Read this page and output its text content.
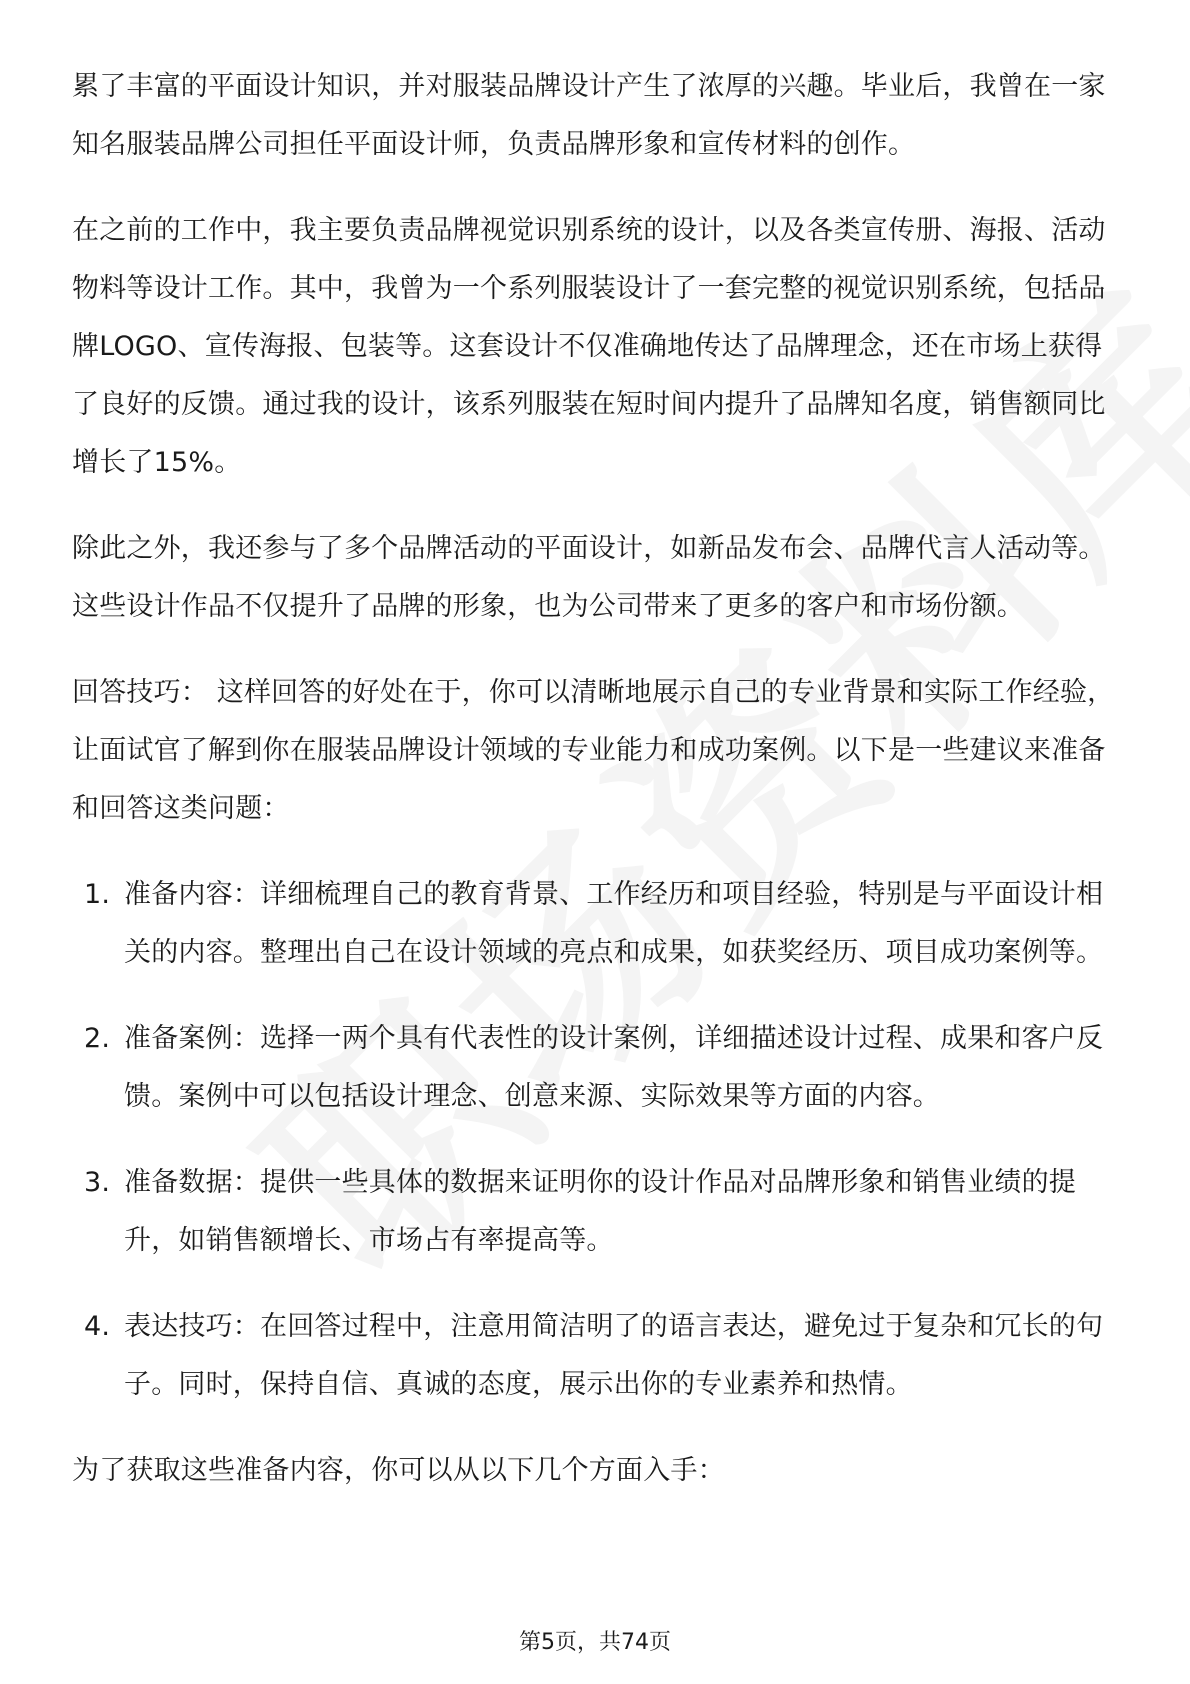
累了丰富的平面设计知识，并对服装品牌设计产生了浓厚的兴趣。毕业后，我曾在一家知名服装品牌公司担任平面设计师，负责品牌形象和宣传材料的创作。

在之前的工作中，我主要负责品牌视觉识别系统的设计，以及各类宣传册、海报、活动物料等设计工作。其中，我曾为一个系列服装设计了一套完整的视觉识别系统，包括品牌LOGO、宣传海报、包装等。这套设计不仅准确地传达了品牌理念，还在市场上获得了良好的反馈。通过我的设计，该系列服装在短时间内提升了品牌知名度，销售额同比增长了15%。

除此之外，我还参与了多个品牌活动的平面设计，如新品发布会、品牌代言人活动等。这些设计作品不仅提升了品牌的形象，也为公司带来了更多的客户和市场份额。

回答技巧： 这样回答的好处在于，你可以清晰地展示自己的专业背景和实际工作经验，让面试官了解到你在服装品牌设计领域的专业能力和成功案例。以下是一些建议来准备和回答这类问题：

1. 准备内容：详细梳理自己的教育背景、工作经历和项目经验，特别是与平面设计相关的内容。整理出自己在设计领域的亮点和成果，如获奖经历、项目成功案例等。
2. 准备案例：选择一两个具有代表性的设计案例，详细描述设计过程、成果和客户反馈。案例中可以包括设计理念、创意来源、实际效果等方面的内容。
3. 准备数据：提供一些具体的数据来证明你的设计作品对品牌形象和销售业绩的提升，如销售额增长、市场占有率提高等。
4. 表达技巧：在回答过程中，注意用简洁明了的语言表达，避免过于复杂和冗长的句子。同时，保持自信、真诚的态度，展示出你的专业素养和热情。

为了获取这些准备内容，你可以从以下几个方面入手：

第5页，共74页
